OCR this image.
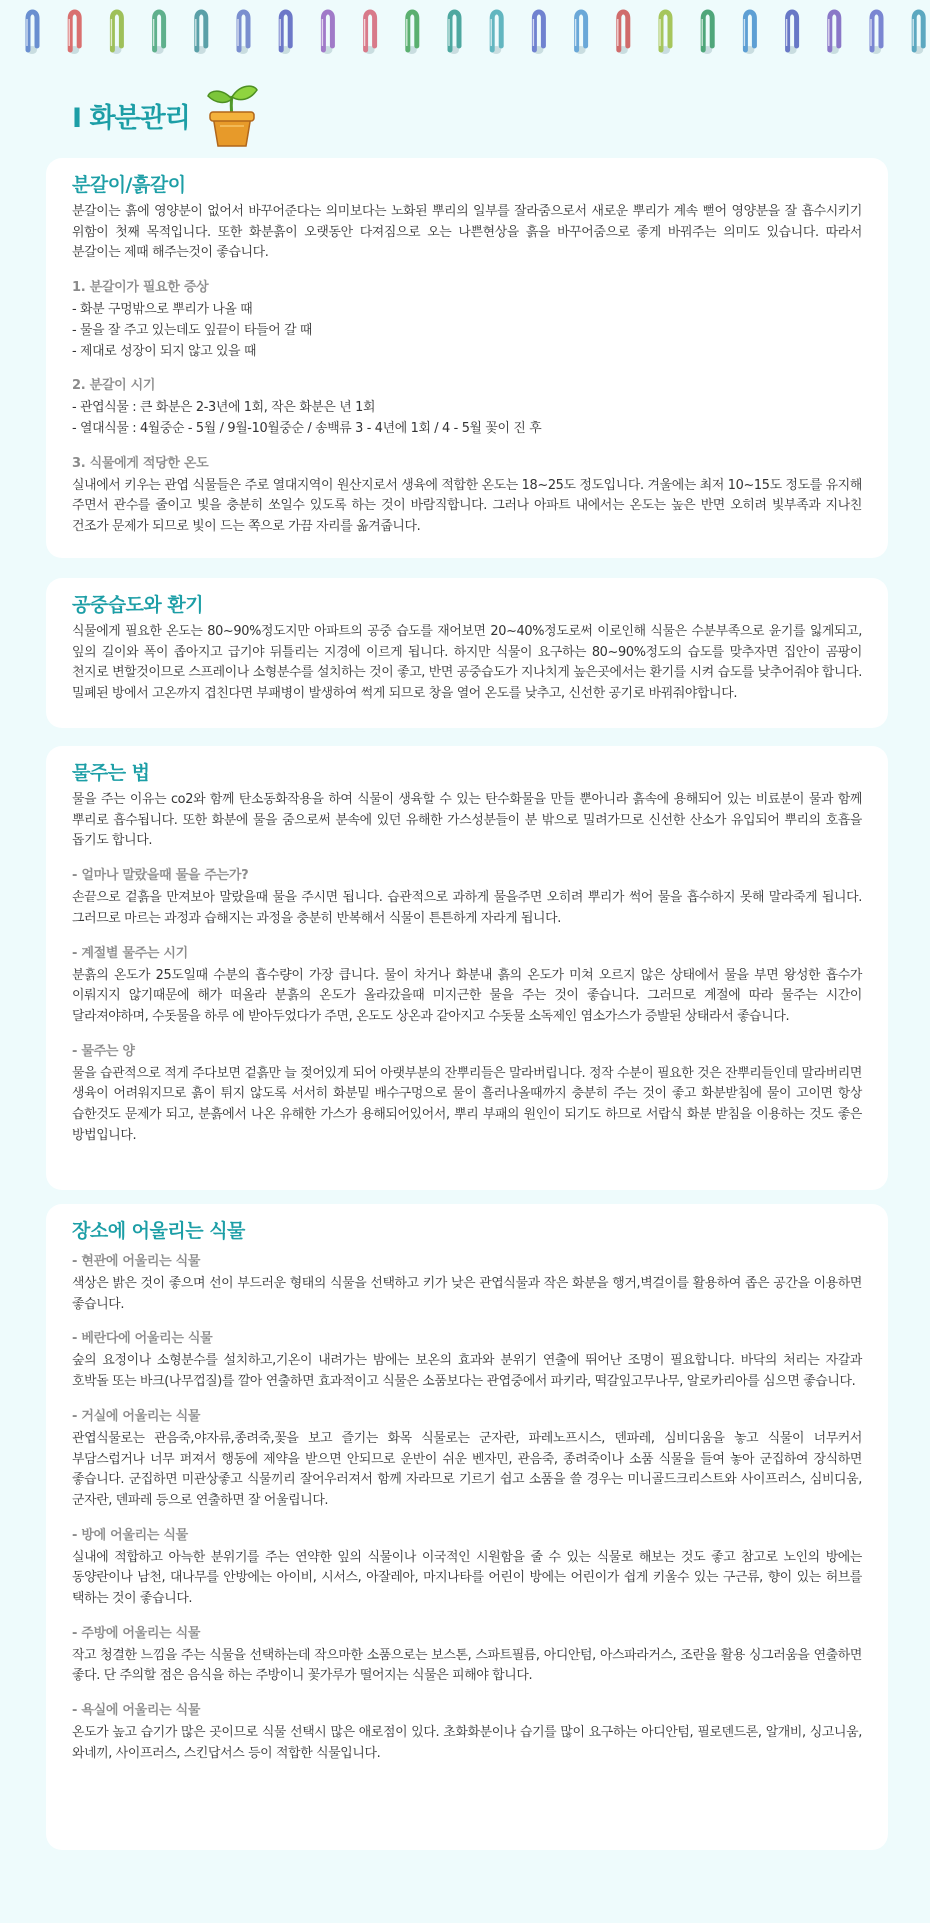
I 화분관리
분갈이/흙갈이

분갈이는 흙에 영양분이 없어서 바꾸어준다는 의미보다는 노화된 뿌리의 일부를 잘라줌으로서 새로운 뿌리가 계속 뻗어 영양분을 잘 흡수시키기 위함이 첫째 목적입니다. 또한 화분흙이 오랫동안 다져짐으로 오는 나쁜현상을 흙을 바꾸어줌으로 좋게 바꿔주는 의미도 있습니다. 따라서 분갈이는 제때 해주는것이 좋습니다.

1. 분갈이가 필요한 증상
- 화분 구멍밖으로 뿌리가 나올 때
- 물을 잘 주고 있는데도 잎끝이 타들어 갈 때
- 제대로 성장이 되지 않고 있을 때
2. 분갈이 시기
- 관엽식물 : 큰 화분은 2-3년에 1회, 작은 화분은 년 1회
- 열대식물 : 4월중순 - 5월 / 9월-10월중순 / 송백류 3 - 4년에 1회 / 4 - 5월 꽃이 진 후
3. 식물에게 적당한 온도

실내에서 키우는 관엽 식물들은 주로 열대지역이 원산지로서 생육에 적합한 온도는 18~25도 정도입니다. 겨울에는 최저 10~15도 정도를 유지해 주면서 관수를 줄이고 빛을 충분히 쏘일수 있도록 하는 것이 바람직합니다. 그러나 아파트 내에서는 온도는 높은 반면 오히려 빛부족과 지나친 건조가 문제가 되므로 빛이 드는 쪽으로 가끔 자리를 옮겨줍니다.

공중습도와 환기

식물에게 필요한 온도는 80~90%정도지만 아파트의 공중 습도를 재어보면 20~40%정도로써 이로인해 식물은 수분부족으로 윤기를 잃게되고, 잎의 길이와 폭이 좁아지고 급기야 뒤틀리는 지경에 이르게 됩니다. 하지만 식물이 요구하는 80~90%정도의 습도를 맞추자면 집안이 곰팡이 천지로 변할것이므로 스프레이나 소형분수를 설치하는 것이 좋고, 반면 공중습도가 지나치게 높은곳에서는 환기를 시켜 습도를 낮추어줘야 합니다. 밀폐된 방에서 고온까지 겹친다면 부패병이 발생하여 썩게 되므로 창을 열어 온도를 낮추고, 신선한 공기로 바꿔줘야합니다.

물주는 법

물을 주는 이유는 co2와 함께 탄소동화작용을 하여 식물이 생육할 수 있는 탄수화물을 만들 뿐아니라 흙속에 용해되어 있는 비료분이 물과 함께 뿌리로 흡수됩니다. 또한 화분에 물을 줌으로써 분속에 있던 유해한 가스성분들이 분 밖으로 밀려가므로 신선한 산소가 유입되어 뿌리의 호흡을 돕기도 합니다.

- 얼마나 말랐을때 물을 주는가?

손끝으로 겉흙을 만져보아 말랐을때 물을 주시면 됩니다. 습관적으로 과하게 물을주면 오히려 뿌리가 썩어 물을 흡수하지 못해 말라죽게 됩니다. 그러므로 마르는 과정과 습해지는 과정을 충분히 반복해서 식물이 튼튼하게 자라게 됩니다.

- 계절별 물주는 시기

분흙의 온도가 25도일때 수분의 흡수량이 가장 큽니다. 물이 차거나 화분내 흙의 온도가 미쳐 오르지 않은 상태에서 물을 부면 왕성한 흡수가 이뤄지지 않기때문에 해가 떠올라 분흙의 온도가 올라갔을때 미지근한 물을 주는 것이 좋습니다. 그러므로 계절에 따라 물주는 시간이 달라져야하며, 수돗물을 하루 에 받아두었다가 주면, 온도도 상온과 같아지고 수돗물 소독제인 염소가스가 증발된 상태라서 좋습니다.

- 물주는 양

물을 습관적으로 적게 주다보면 겉흙만 늘 젖어있게 되어 아랫부분의 잔뿌리들은 말라버립니다. 정작 수분이 필요한 것은 잔뿌리들인데 말라버리면 생육이 어려워지므로 흙이 튀지 않도록 서서히 화분밑 배수구멍으로 물이 흘러나올때까지 충분히 주는 것이 좋고 화분받침에 물이 고이면 항상 습한것도 문제가 되고, 분흙에서 나온 유해한 가스가 용해되어있어서, 뿌리 부패의 원인이 되기도 하므로 서랍식 화분 받침을 이용하는 것도 좋은 방법입니다.

장소에 어울리는 식물
- 현관에 어울리는 식물

색상은 밝은 것이 좋으며 선이 부드러운 형태의 식물을 선택하고 키가 낮은 관엽식물과 작은 화분을 행거,벽걸이를 활용하여 좁은 공간을 이용하면 좋습니다.

- 베란다에 어울리는 식물

숲의 요정이나 소형분수를 설치하고,기온이 내려가는 밤에는 보온의 효과와 분위기 연출에 뛰어난 조명이 필요합니다. 바닥의 처리는 자갈과 호박돌 또는 바크(나무껍질)를 깔아 연출하면 효과적이고 식물은 소품보다는 관엽중에서 파키라, 떡갈잎고무나무, 알로카리아를 심으면 좋습니다.

- 거실에 어울리는 식물

관엽식물로는 관음죽,야자류,종려죽,꽃을 보고 즐기는 화목 식물로는 군자란, 파레노프시스, 덴파레, 심비디움을 놓고 식물이 너무커서 부담스럽거나 너무 퍼져서 행동에 제약을 받으면 안되므로 운반이 쉬운 벤자민, 관음죽, 종려죽이나 소품 식물을 들여 놓아 군집하여 장식하면 좋습니다. 군집하면 미관상좋고 식물끼리 잘어우러져서 함께 자라므로 기르기 쉽고 소품을 쓸 경우는 미니골드크리스트와 사이프러스, 심비디움, 군자란, 덴파레 등으로 연출하면 잘 어울립니다.

- 방에 어울리는 식물

실내에 적합하고 아늑한 분위기를 주는 연약한 잎의 식물이나 이국적인 시원함을 줄 수 있는 식물로 해보는 것도 좋고 참고로 노인의 방에는 동양란이나 남천, 대나무를 안방에는 아이비, 시서스, 아잘레아, 마지나타를 어린이 방에는 어린이가 쉽게 키울수 있는 구근류, 향이 있는 허브를 택하는 것이 좋습니다.

- 주방에 어울리는 식물

작고 청결한 느낌을 주는 식물을 선택하는데 작으마한 소품으로는 보스톤, 스파트필름, 아디안텀, 아스파라거스, 조란을 활용 싱그러움을 연출하면 좋다. 단 주의할 점은 음식을 하는 주방이니 꽃가루가 떨어지는 식물은 피해야 합니다.

- 욕실에 어울리는 식물

온도가 높고 습기가 많은 곳이므로 식물 선택시 많은 애로점이 있다. 초화화분이나 습기를 많이 요구하는 아디안텀, 필로덴드론, 알개비, 싱고니움, 와네끼, 사이프러스, 스킨답서스 등이 적합한 식물입니다.
